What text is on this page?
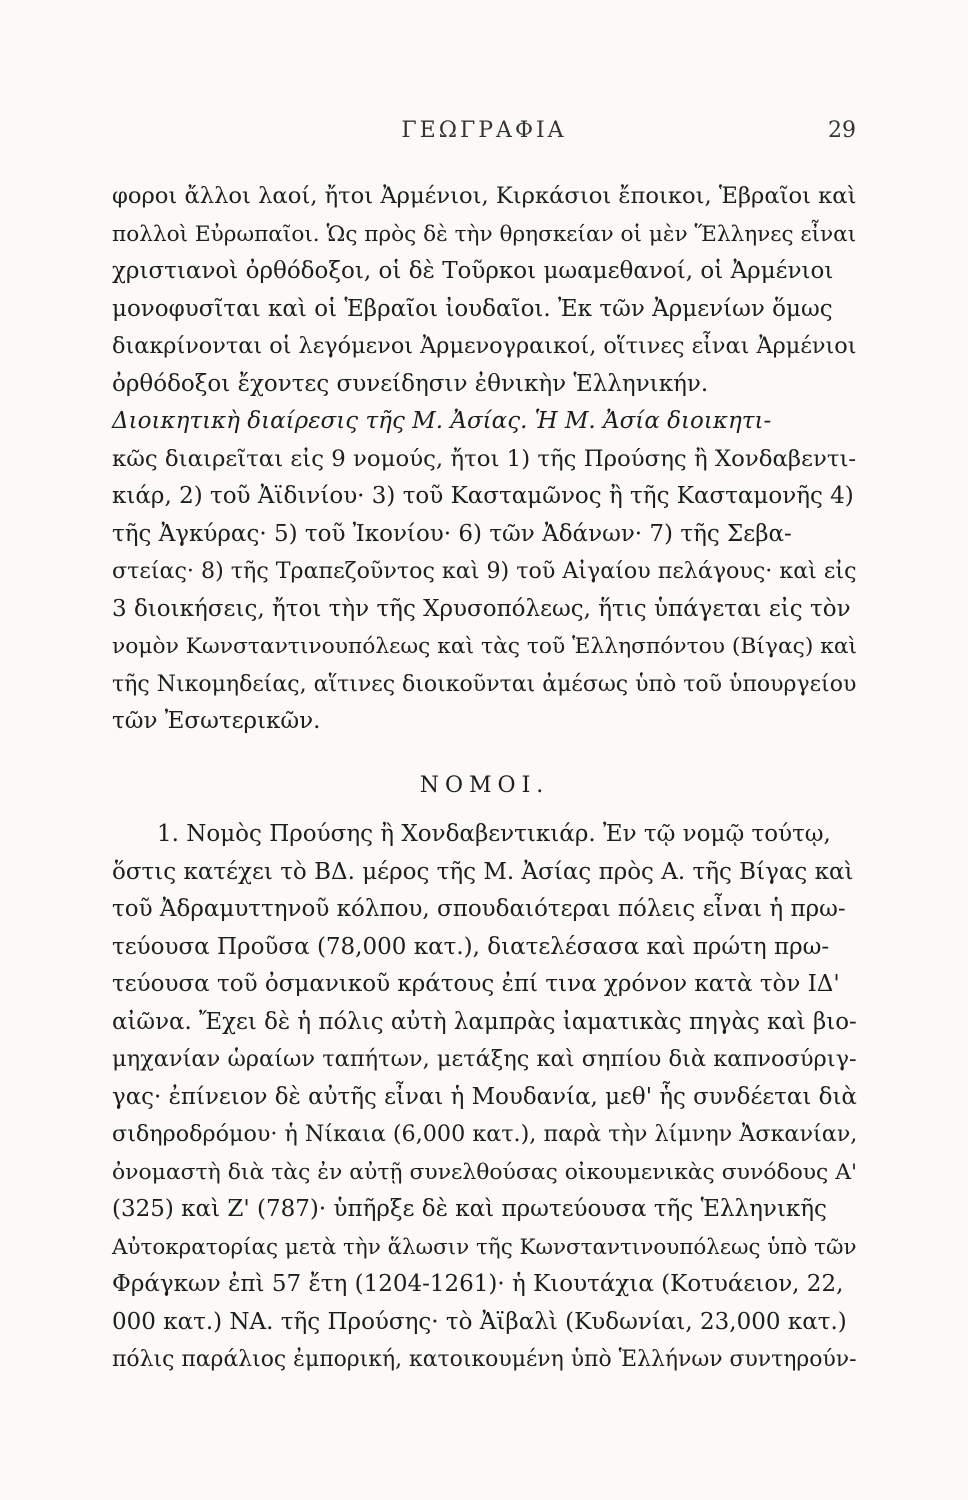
ΓΕΩΓΡΑΦΙΑ	29
φοροι ἄλλοι λαοί, ἤτοι Ἀρμένιοι, Κιρκάσιοι ἔποικοι, Ἑβραῖοι καὶ
πολλοὶ Εὐρωπαῖοι. Ὡς πρὸς δὲ τὴν θρησκείαν οἱ μὲν Ἕλληνες εἶναι
χριστιανοὶ ὀρθόδοξοι, οἱ δὲ Τοῦρκοι μωαμεθανοί, οἱ Ἀρμένιοι
μονοφυσῖται καὶ οἱ Ἑβραῖοι ἰουδαῖοι. Ἐκ τῶν Ἀρμενίων ὅμως
διακρίνονται οἱ λεγόμενοι Ἀρμενογραικοί, οἵτινες εἶναι Ἀρμένιοι
ὀρθόδοξοι ἔχοντες συνείδησιν ἐθνικὴν Ἑλληνικήν.
Διοικητικὴ διαίρεσις τῆς Μ. Ἀσίας. Ἡ Μ. Ἀσία διοικητι-
κῶς διαιρεῖται εἰς 9 νομούς, ἤτοι 1) τῆς Προύσης ἢ Χονδαβεντι-
κιάρ, 2) τοῦ Ἀϊδινίου· 3) τοῦ Κασταμῶνος ἢ τῆς Κασταμονῆς 4)
τῆς Ἀγκύρας· 5) τοῦ Ἰκονίου· 6) τῶν Ἀδάνων· 7) τῆς Σεβα-
στείας· 8) τῆς Τραπεζοῦντος καὶ 9) τοῦ Αἰγαίου πελάγους· καὶ εἰς
3 διοικήσεις, ἤτοι τὴν τῆς Χρυσοπόλεως, ἥτις ὑπάγεται εἰς τὸν
νομὸν Κωνσταντινουπόλεως καὶ τὰς τοῦ Ἑλλησπόντου (Βίγας) καὶ
τῆς Νικομηδείας, αἵτινες διοικοῦνται ἀμέσως ὑπὸ τοῦ ὑπουργείου
τῶν Ἐσωτερικῶν.
ΝΟΜΟΙ.
1. Νομὸς Προύσης ἢ Χονδαβεντικιάρ. Ἐν τῷ νομῷ τούτῳ,
ὅστις κατέχει τὸ ΒΔ. μέρος τῆς Μ. Ἀσίας πρὸς Α. τῆς Βίγας καὶ
τοῦ Ἀδραμυττηνοῦ κόλπου, σπουδαιότεραι πόλεις εἶναι ἡ πρω-
τεύουσα Προῦσα (78,000 κατ.), διατελέσασα καὶ πρώτη πρω-
τεύουσα τοῦ ὀσμανικοῦ κράτους ἐπί τινα χρόνον κατὰ τὸν ΙΔ'
αἰῶνα. Ἔχει δὲ ἡ πόλις αὐτὴ λαμπρὰς ἰαματικὰς πηγὰς καὶ βιο-
μηχανίαν ὡραίων ταπήτων, μετάξης καὶ σηπίου διὰ καπνοσύριγ-
γας· ἐπίνειον δὲ αὐτῆς εἶναι ἡ Μουδανία, μεθ' ἧς συνδέεται διὰ
σιδηροδρόμου· ἡ Νίκαια (6,000 κατ.), παρὰ τὴν λίμνην Ἀσκανίαν,
ὀνομαστὴ διὰ τὰς ἐν αὐτῇ συνελθούσας οἰκουμενικὰς συνόδους Α'
(325) καὶ Ζ' (787)· ὑπῆρξε δὲ καὶ πρωτεύουσα τῆς Ἑλληνικῆς
Αὐτοκρατορίας μετὰ τὴν ἅλωσιν τῆς Κωνσταντινουπόλεως ὑπὸ τῶν
Φράγκων ἐπὶ 57 ἔτη (1204-1261)· ἡ Κιουτάχια (Κοτυάειον, 22,
000 κατ.) ΝΑ. τῆς Προύσης· τὸ Ἀϊβαλὶ (Κυδωνίαι, 23,000 κατ.)
πόλις παράλιος ἐμπορική, κατοικουμένη ὑπὸ Ἑλλήνων συντηρούν-
